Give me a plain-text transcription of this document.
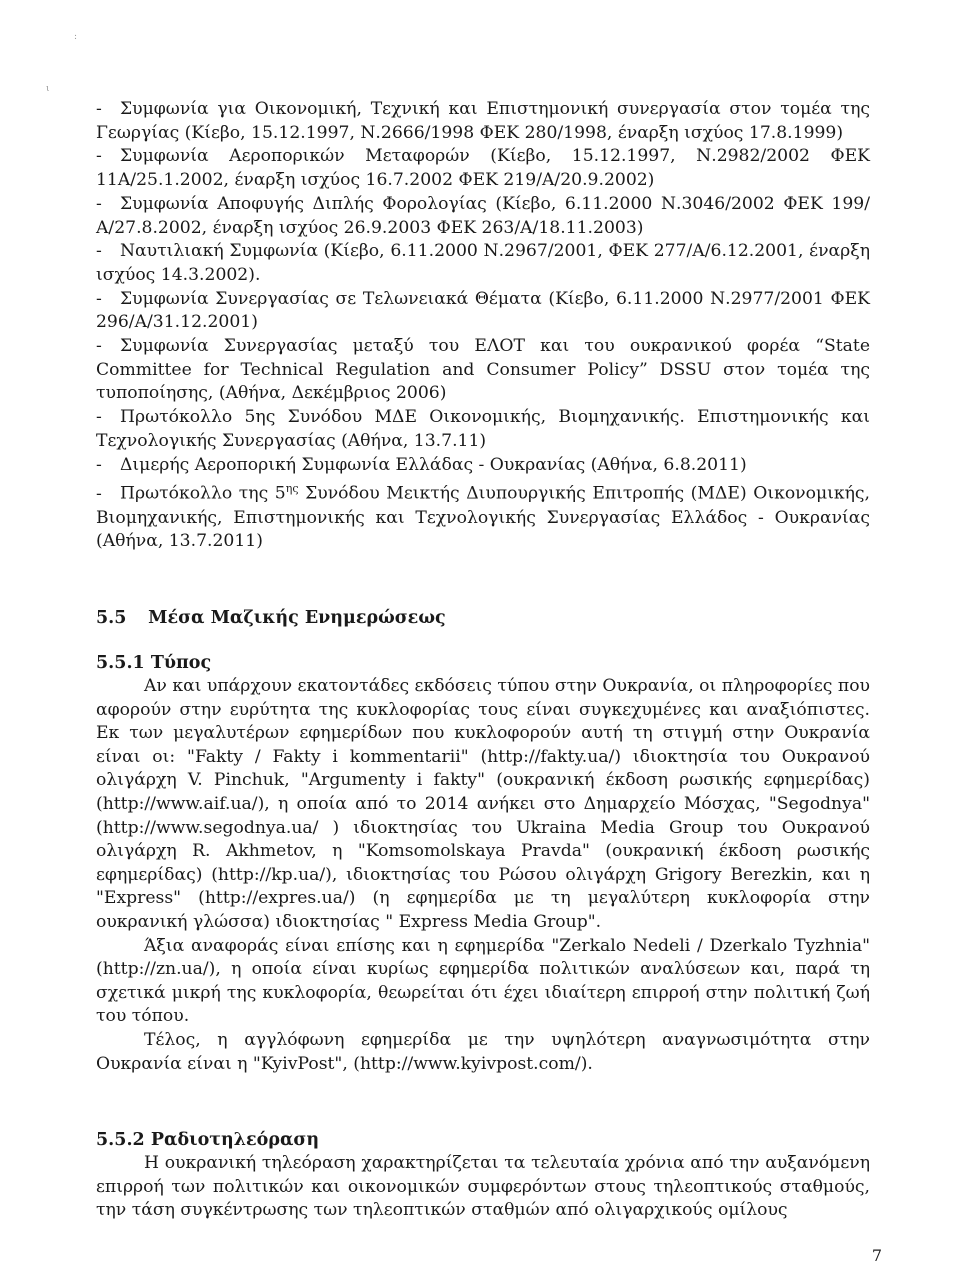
:
ι

- Συμφωνία για Οικονομική, Τεχνική και Επιστημονική συνεργασία στον τομέα της Γεωργίας (Κίεβο, 15.12.1997, Ν.2666/1998 ΦΕΚ 280/1998, έναρξη ισχύος 17.8.1999)

- Συμφωνία Αεροπορικών Μεταφορών (Κίεβο, 15.12.1997, Ν.2982/2002 ΦΕΚ 11Α/25.1.2002, έναρξη ισχύος 16.7.2002 ΦΕΚ 219/Α/20.9.2002)

- Συμφωνία Αποφυγής Διπλής Φορολογίας (Κίεβο, 6.11.2000 Ν.3046/2002 ΦΕΚ 199/Α/27.8.2002, έναρξη ισχύος 26.9.2003 ΦΕΚ 263/Α/18.11.2003)

- Ναυτιλιακή Συμφωνία (Κίεβο, 6.11.2000 Ν.2967/2001, ΦΕΚ 277/Α/6.12.2001, έναρξη ισχύος 14.3.2002).

- Συμφωνία Συνεργασίας σε Τελωνειακά Θέματα (Κίεβο, 6.11.2000 Ν.2977/2001 ΦΕΚ 296/Α/31.12.2001)

- Συμφωνία Συνεργασίας μεταξύ του ΕΛΟΤ και του ουκρανικού φορέα “State Committee for Technical Regulation and Consumer Policy” DSSU στον τομέα της τυποποίησης, (Αθήνα, Δεκέμβριος 2006)

- Πρωτόκολλο 5ης Συνόδου ΜΔΕ Οικονομικής, Βιομηχανικής. Επιστημονικής και Τεχνολογικής Συνεργασίας (Αθήνα, 13.7.11)

- Διμερής Αεροπορική Συμφωνία Ελλάδας - Ουκρανίας (Αθήνα, 6.8.2011)

- Πρωτόκολλο της $5^{\eta\varsigma}$ Συνόδου Μεικτής Διυπουργικής Επιτροπής (ΜΔΕ) Οικονομικής, Βιομηχανικής, Επιστημονικής και Τεχνολογικής Συνεργασίας Ελλάδος - Ουκρανίας (Αθήνα, 13.7.2011)

5.5 Μέσα Μαζικής Ενημερώσεως
5.5.1 Τύπος

Αν και υπάρχουν εκατοντάδες εκδόσεις τύπου στην Ουκρανία, οι πληροφορίες που αφορούν στην ευρύτητα της κυκλοφορίας τους είναι συγκεχυμένες και αναξιόπιστες. Εκ των μεγαλυτέρων εφημερίδων που κυκλοφορούν αυτή τη στιγμή στην Ουκρανία είναι οι: "Fakty / Fakty i kommentarii" (http://fakty.ua/) ιδιοκτησία του Ουκρανού ολιγάρχη V. Pinchuk, "Argumenty i fakty" (ουκρανική έκδοση ρωσικής εφημερίδας) (http://www.aif.ua/), η οποία από το 2014 ανήκει στο Δημαρχείο Μόσχας, "Segodnya" (http://www.segodnya.ua/ ) ιδιοκτησίας του Ukraina Media Group του Ουκρανού ολιγάρχη R. Akhmetov, η "Komsomolskaya Pravda" (ουκρανική έκδοση ρωσικής εφημερίδας) (http://kp.ua/), ιδιοκτησίας του Ρώσου ολιγάρχη Grigory Berezkin, και η "Express" (http://expres.ua/) (η εφημερίδα με τη μεγαλύτερη κυκλοφορία στην ουκρανική γλώσσα) ιδιοκτησίας " Express Media Group".

Άξια αναφοράς είναι επίσης και η εφημερίδα "Zerkalo Nedeli / Dzerkalo Tyzhnia" (http://zn.ua/), η οποία είναι κυρίως εφημερίδα πολιτικών αναλύσεων και, παρά τη σχετικά μικρή της κυκλοφορία, θεωρείται ότι έχει ιδιαίτερη επιρροή στην πολιτική ζωή του τόπου.

Τέλος, η αγγλόφωνη εφημερίδα με την υψηλότερη αναγνωσιμότητα στην Ουκρανία είναι η "KyivPost", (http://www.kyivpost.com/).

5.5.2 Ραδιοτηλεόραση

Η ουκρανική τηλεόραση χαρακτηρίζεται τα τελευταία χρόνια από την αυξανόμενη επιρροή των πολιτικών και οικονομικών συμφερόντων στους τηλεοπτικούς σταθμούς, την τάση συγκέντρωσης των τηλεοπτικών σταθμών από ολιγαρχικούς ομίλους

7
